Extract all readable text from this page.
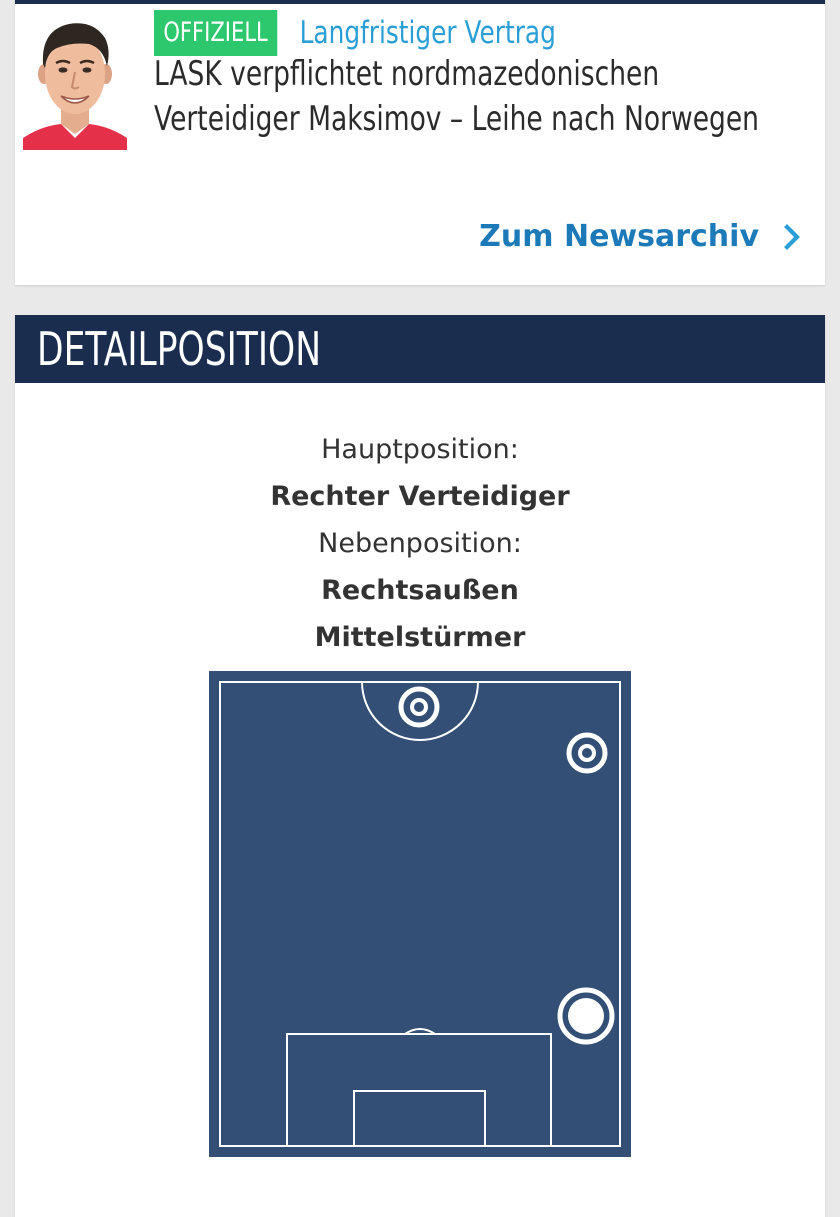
OFFIZIELL	Langfristiger Vertrag
LASK verpflichtet nordmazedonischen
Verteidiger Maksimov – Leihe nach Norwegen
Zum Newsarchiv
DETAILPOSITION
Hauptposition:
Rechter Verteidiger
Nebenposition:
Rechtsaußen
Mittelstürmer
